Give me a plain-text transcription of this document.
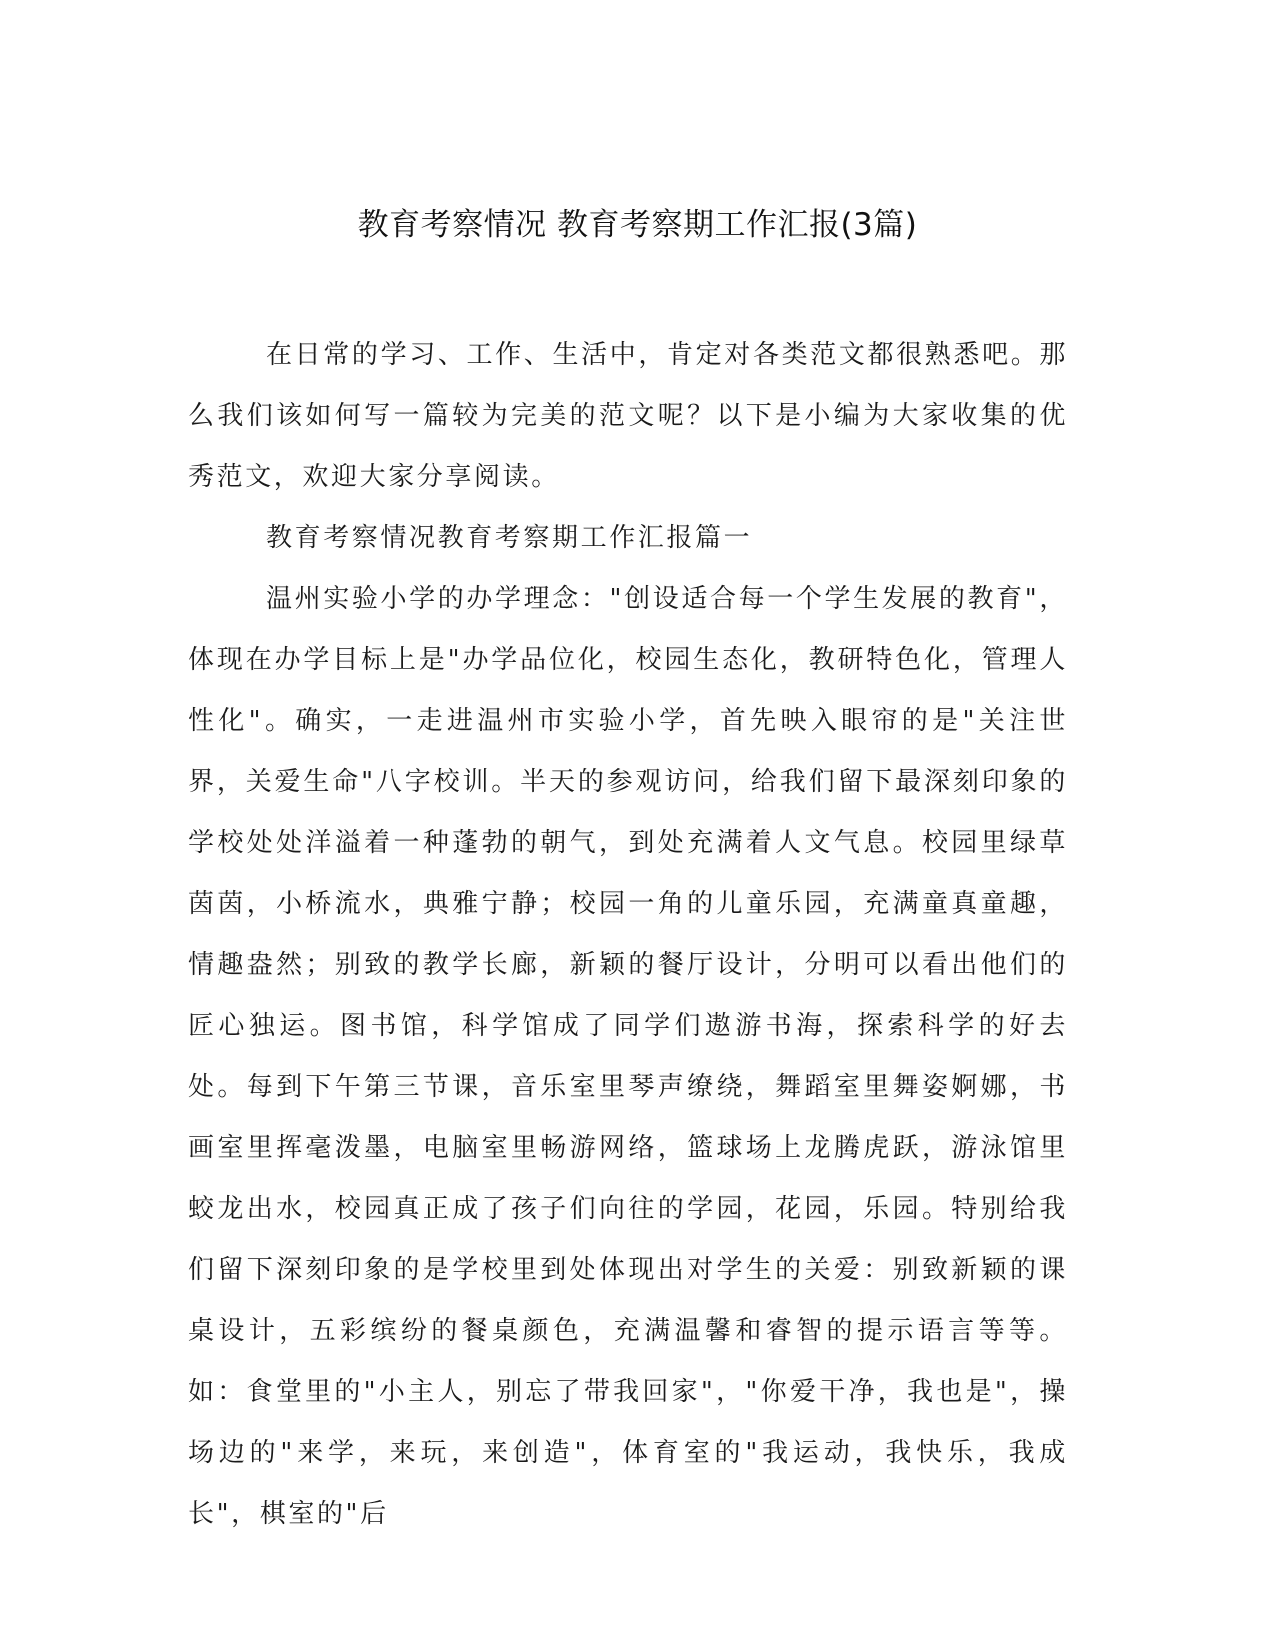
教育考察情况 教育考察期工作汇报(3篇)

在日常的学习、工作、生活中，肯定对各类范文都很熟悉吧。那么我们该如何写一篇较为完美的范文呢？以下是小编为大家收集的优秀范文，欢迎大家分享阅读。

教育考察情况教育考察期工作汇报篇一

温州实验小学的办学理念："创设适合每一个学生发展的教育"，体现在办学目标上是"办学品位化，校园生态化，教研特色化，管理人性化"。确实，一走进温州市实验小学，首先映入眼帘的是"关注世界，关爱生命"八字校训。半天的参观访问，给我们留下最深刻印象的学校处处洋溢着一种蓬勃的朝气，到处充满着人文气息。校园里绿草茵茵，小桥流水，典雅宁静；校园一角的儿童乐园，充满童真童趣，情趣盎然；别致的教学长廊，新颖的餐厅设计，分明可以看出他们的匠心独运。图书馆，科学馆成了同学们遨游书海，探索科学的好去处。每到下午第三节课，音乐室里琴声缭绕，舞蹈室里舞姿婀娜，书画室里挥毫泼墨，电脑室里畅游网络，篮球场上龙腾虎跃，游泳馆里蛟龙出水，校园真正成了孩子们向往的学园，花园，乐园。特别给我们留下深刻印象的是学校里到处体现出对学生的关爱：别致新颖的课桌设计，五彩缤纷的餐桌颜色，充满温馨和睿智的提示语言等等。如：食堂里的"小主人，别忘了带我回家"，"你爱干净，我也是"，操场边的"来学，来玩，来创造"，体育室的"我运动，我快乐，我成长"，棋室的"后
